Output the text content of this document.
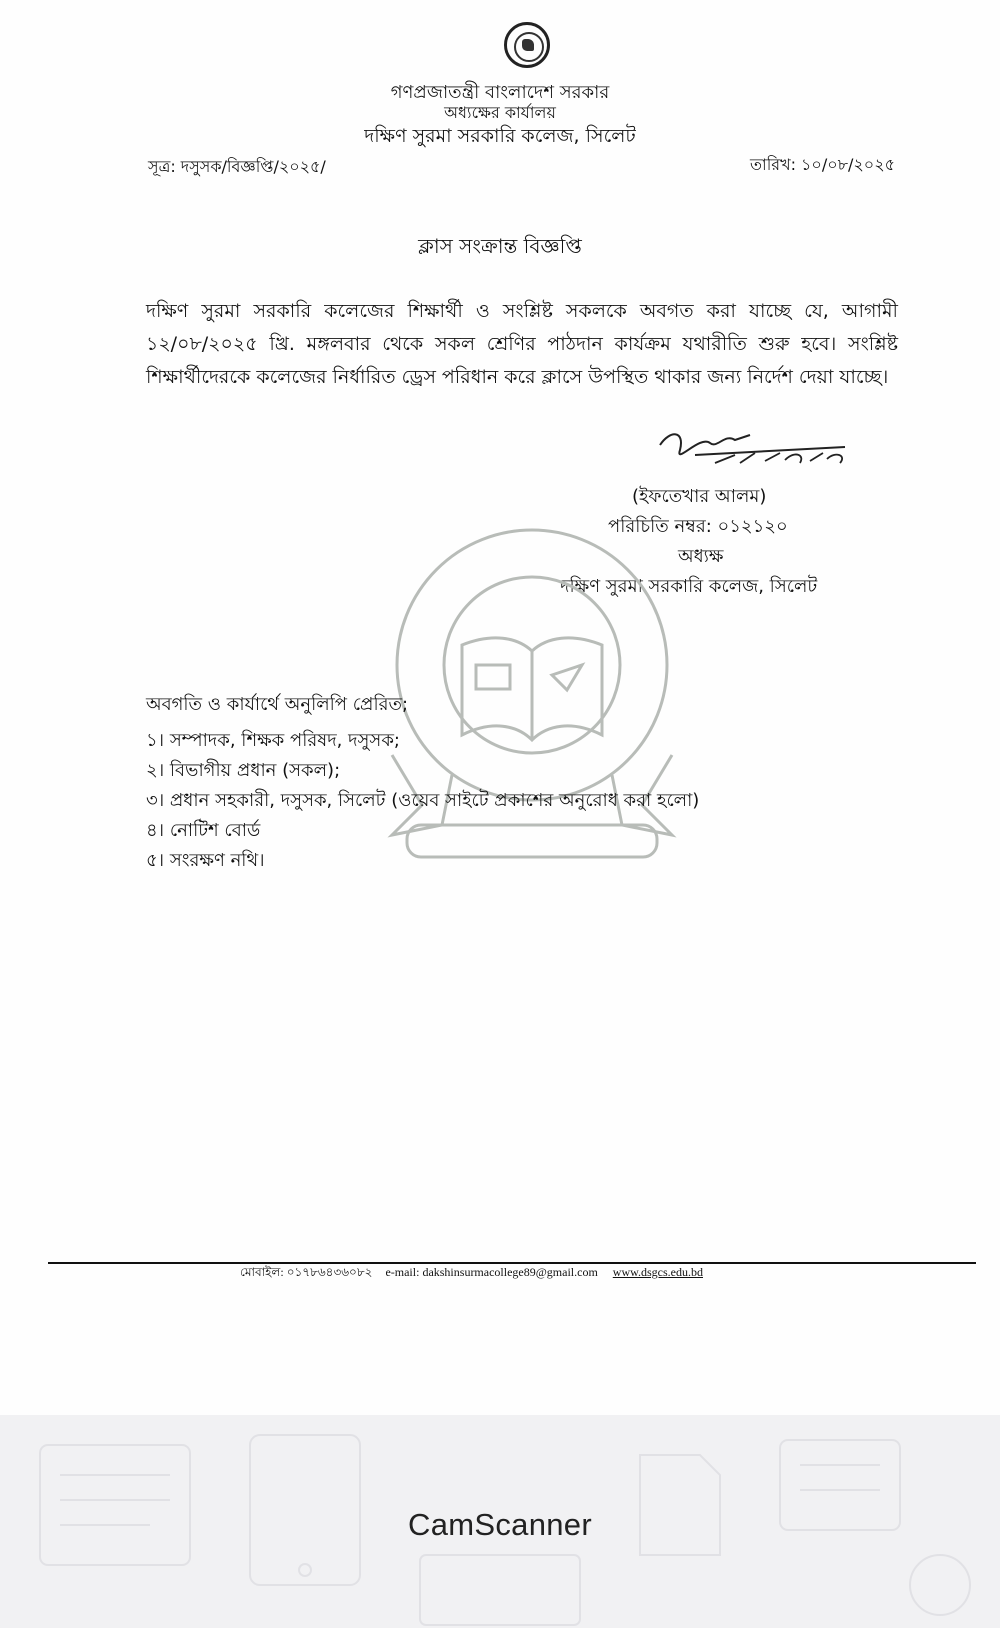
গণপ্রজাতন্ত্রী বাংলাদেশ সরকার
অধ্যক্ষের কার্যালয়
দক্ষিণ সুরমা সরকারি কলেজ, সিলেট
সূত্র: দসুসক/বিজ্ঞপ্তি/২০২৫/	তারিখ: ১০/০৮/২০২৫
ক্লাস সংক্রান্ত বিজ্ঞপ্তি
দক্ষিণ সুরমা সরকারি কলেজের শিক্ষার্থী ও সংশ্লিষ্ট সকলকে অবগত করা যাচ্ছে যে, আগামী ১২/০৮/২০২৫ খ্রি. মঙ্গলবার থেকে সকল শ্রেণির পাঠদান কার্যক্রম যথারীতি শুরু হবে। সংশ্লিষ্ট শিক্ষার্থীদেরকে কলেজের নির্ধারিত ড্রেস পরিধান করে ক্লাসে উপস্থিত থাকার জন্য নির্দেশ দেয়া যাচ্ছে।
(ইফতেখার আলম)
পরিচিতি নম্বর: ০১২১২০
অধ্যক্ষ
দক্ষিণ সুরমা সরকারি কলেজ, সিলেট
অবগতি ও কার্যার্থে অনুলিপি প্রেরিত;
১। সম্পাদক, শিক্ষক পরিষদ, দসুসক;
২। বিভাগীয় প্রধান (সকল);
৩। প্রধান সহকারী, দসুসক, সিলেট (ওয়েব সাইটে প্রকাশের অনুরোধ করা হলো)
৪। নোটিশ বোর্ড
৫। সংরক্ষণ নথি।
মোবাইল: ০১৭৮৬৪৩৬০৮২ e-mail: dakshinsurmacollege89@gmail.com www.dsgcs.edu.bd
CamScanner
